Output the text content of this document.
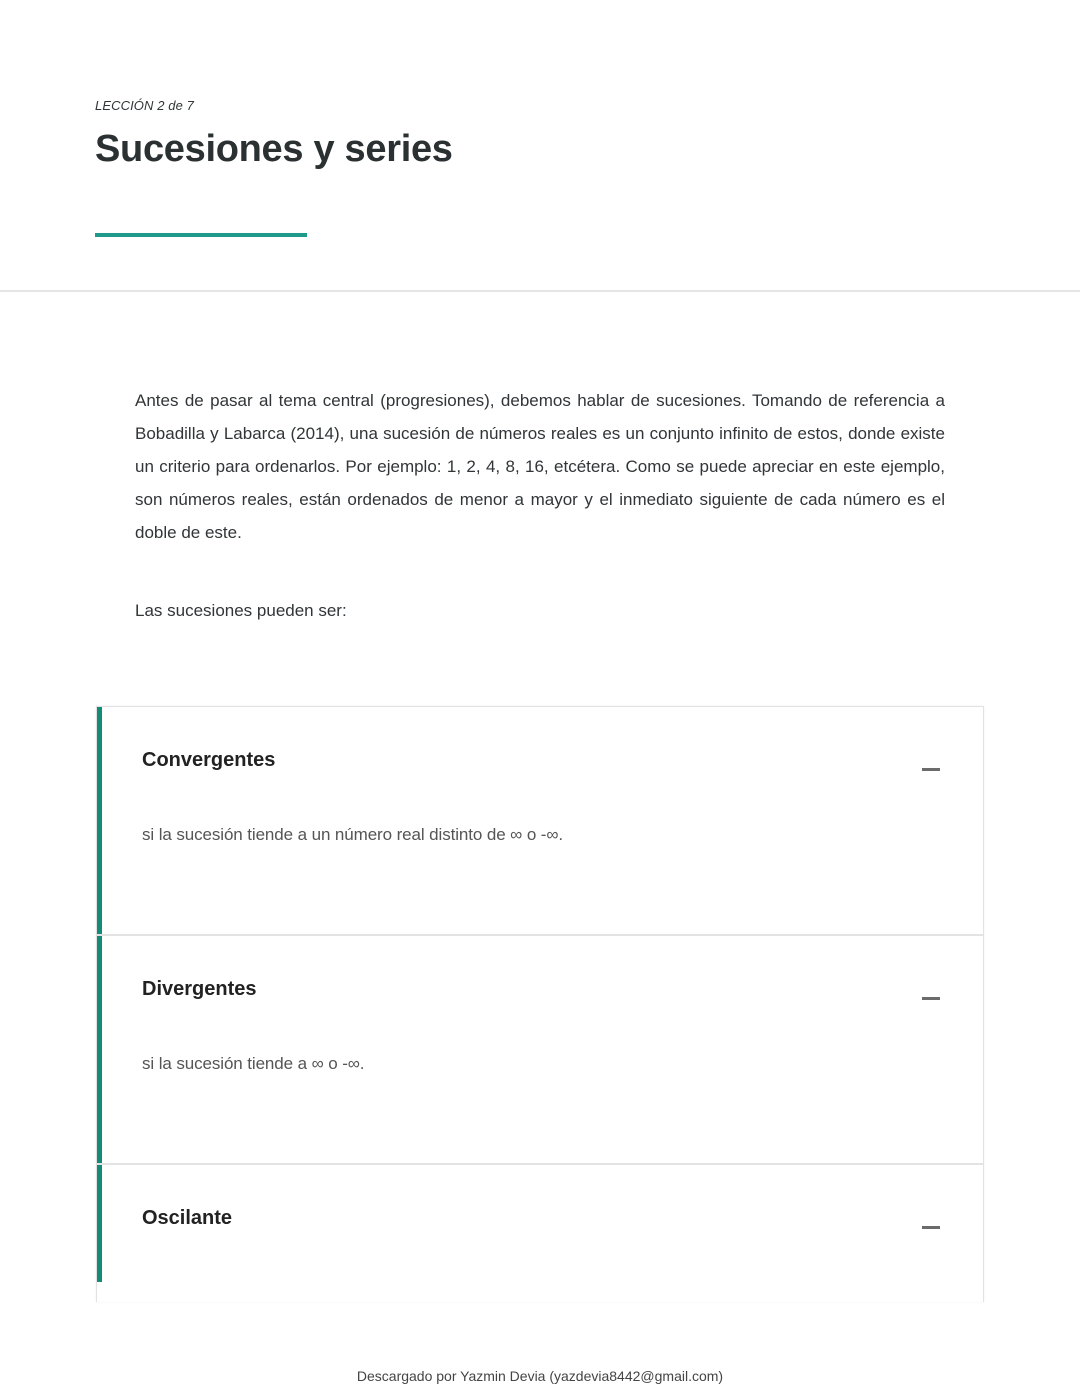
LECCIÓN 2 de 7
Sucesiones y series

Antes de pasar al tema central (progresiones), debemos hablar de sucesiones. Tomando de referencia a Bobadilla y Labarca (2014), una sucesión de números reales es un conjunto infinito de estos, donde existe un criterio para ordenarlos. Por ejemplo: 1, 2, 4, 8, 16, etcétera. Como se puede apreciar en este ejemplo, son números reales, están ordenados de menor a mayor y el inmediato siguiente de cada número es el doble de este.

Las sucesiones pueden ser:

Convergentes

si la sucesión tiende a un número real distinto de ∞ o -∞.

Divergentes

si la sucesión tiende a ∞ o -∞.

Oscilante
Descargado por Yazmin Devia (yazdevia8442@gmail.com)
